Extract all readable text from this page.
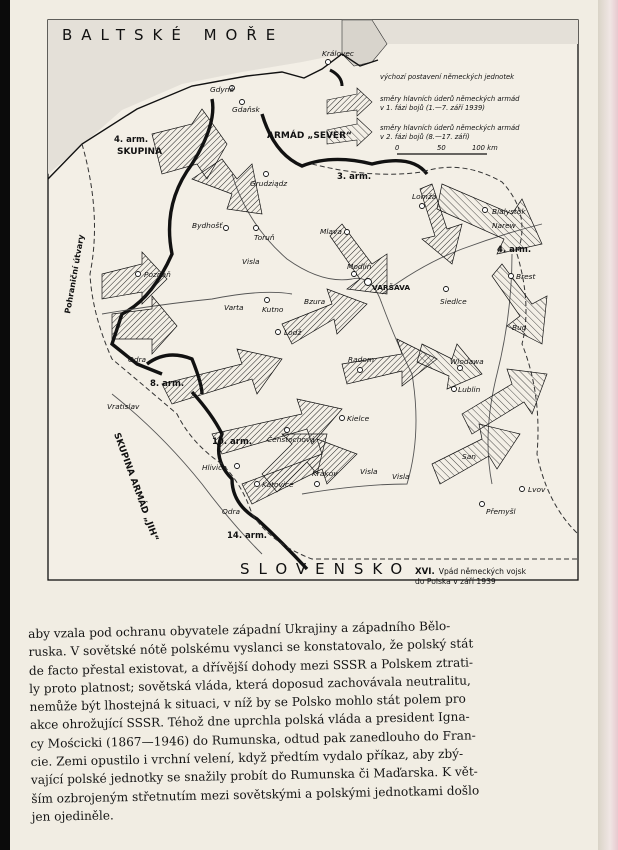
BALTSKÉ MOŘE
SLOVENSKO
SKUPINA
ARMÁD „SEVER“
SKUPINA ARMÁD „JIH“
Pohraniční útvary
4. arm.
3. arm.
4. arm.
8. arm.
10. arm.
14. arm.
Královec
Gdyně
Gdaňsk
Grudziądz
Lomža
Bialystok
Narew
Bydhošť
Toruň
Mlava
Modlin
Poznaň
VARŠAVA
Siedlce
Brest
Kutno
Bzura
Visla
Varta
Lodž
Radom	Wlodawa
Lublin
Odra
Vratislav
Kielce
Čenstochová
Hlivice
Katovice
Krakov	Visla
Odra
San
Lvov
Přemyšl
Bug
Visla
výchozí postavení německých jednotek
směry hlavních úderů německých armád
v 1. fázi bojů (1.—7. září 1939)
směry hlavních úderů německých armád
v 2. fázi bojů (8.—17. září)
0	50	100 km
XVI. Vpád německých vojsk
do Polska v září 1939
aby vzala pod ochranu obyvatele západní Ukrajiny a západního Bělo-
ruska. V sovětské nótě polskému vyslanci se konstatovalo, že polský stát
de facto přestal existovat, a dřívější dohody mezi SSSR a Polskem ztrati-
ly proto platnost; sovětská vláda, která doposud zachovávala neutralitu,
nemůže být lhostejná k situaci, v níž by se Polsko mohlo stát polem pro
akce ohrožující SSSR. Téhož dne uprchla polská vláda a president Igna-
cy Mościcki (1867—1946) do Rumunska, odtud pak zanedlouho do Fran-
cie. Zemi opustilo i vrchní velení, když předtím vydalo příkaz, aby zbý-
vající polské jednotky se snažily probít do Rumunska či Maďarska. K vět-
ším ozbrojeným střetnutím mezi sovětskými a polskými jednotkami došlo
jen ojediněle.
